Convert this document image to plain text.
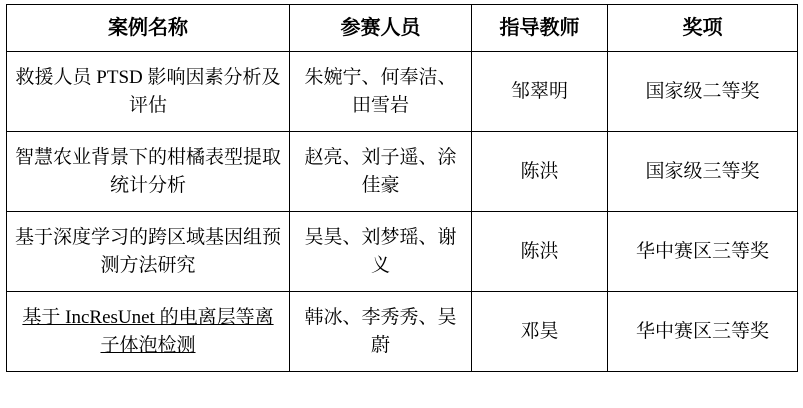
案例名称	参赛人员	指导教师	奖项
救援人员 PTSD 影响因素分析及评估	朱婉宁、何奉洁、田雪岩	邹翠明	国家级二等奖
智慧农业背景下的柑橘表型提取统计分析	赵亮、刘子遥、涂佳豪	陈洪	国家级三等奖
基于深度学习的跨区域基因组预测方法研究	吴昊、刘梦瑶、谢义	陈洪	华中赛区三等奖
基于 IncResUnet 的电离层等离子体泡检测	韩冰、李秀秀、吴蔚	邓昊	华中赛区三等奖
